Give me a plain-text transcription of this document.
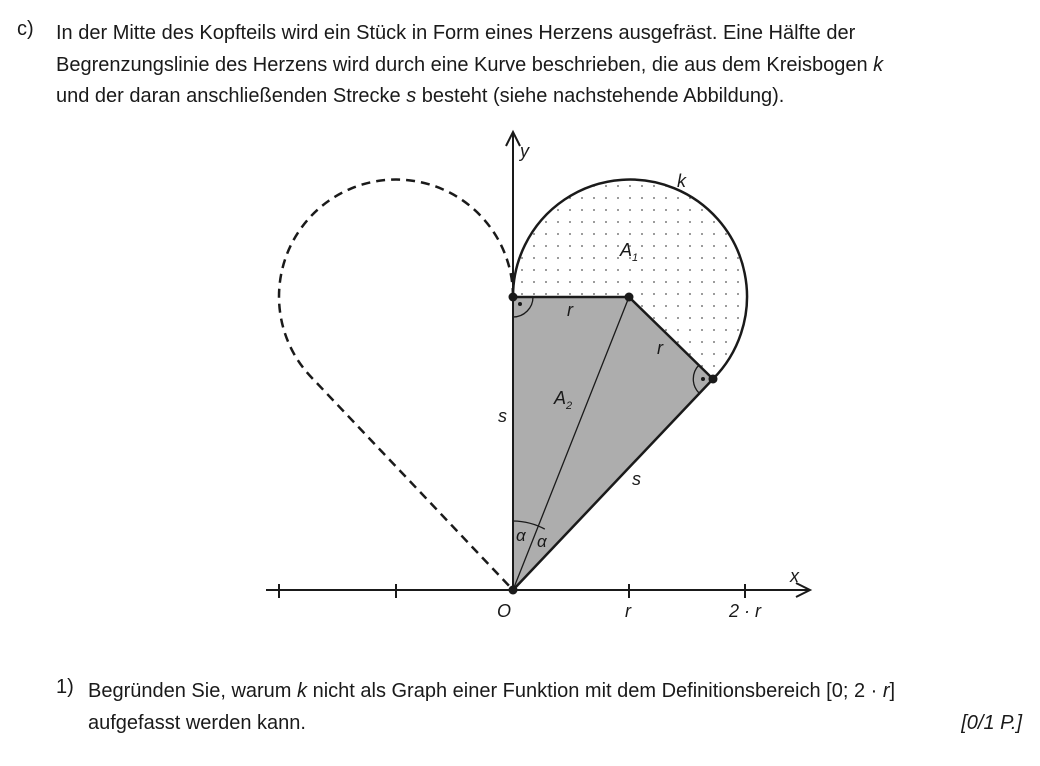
c) In der Mitte des Kopfteils wird ein Stück in Form eines Herzens ausgefräst. Eine Hälfte der
Begrenzungslinie des Herzens wird durch eine Kurve beschrieben, die aus dem Kreisbogen k
und der daran anschließenden Strecke s besteht (siehe nachstehende Abbildung).
y
x
O	r	2 · r
k
$A_1$
$A_2$
r
r
s
s
α α
1) Begründen Sie, warum k nicht als Graph einer Funktion mit dem Definitionsbereich [0; 2 · r]
aufgefasst werden kann.	[0/1 P.]
